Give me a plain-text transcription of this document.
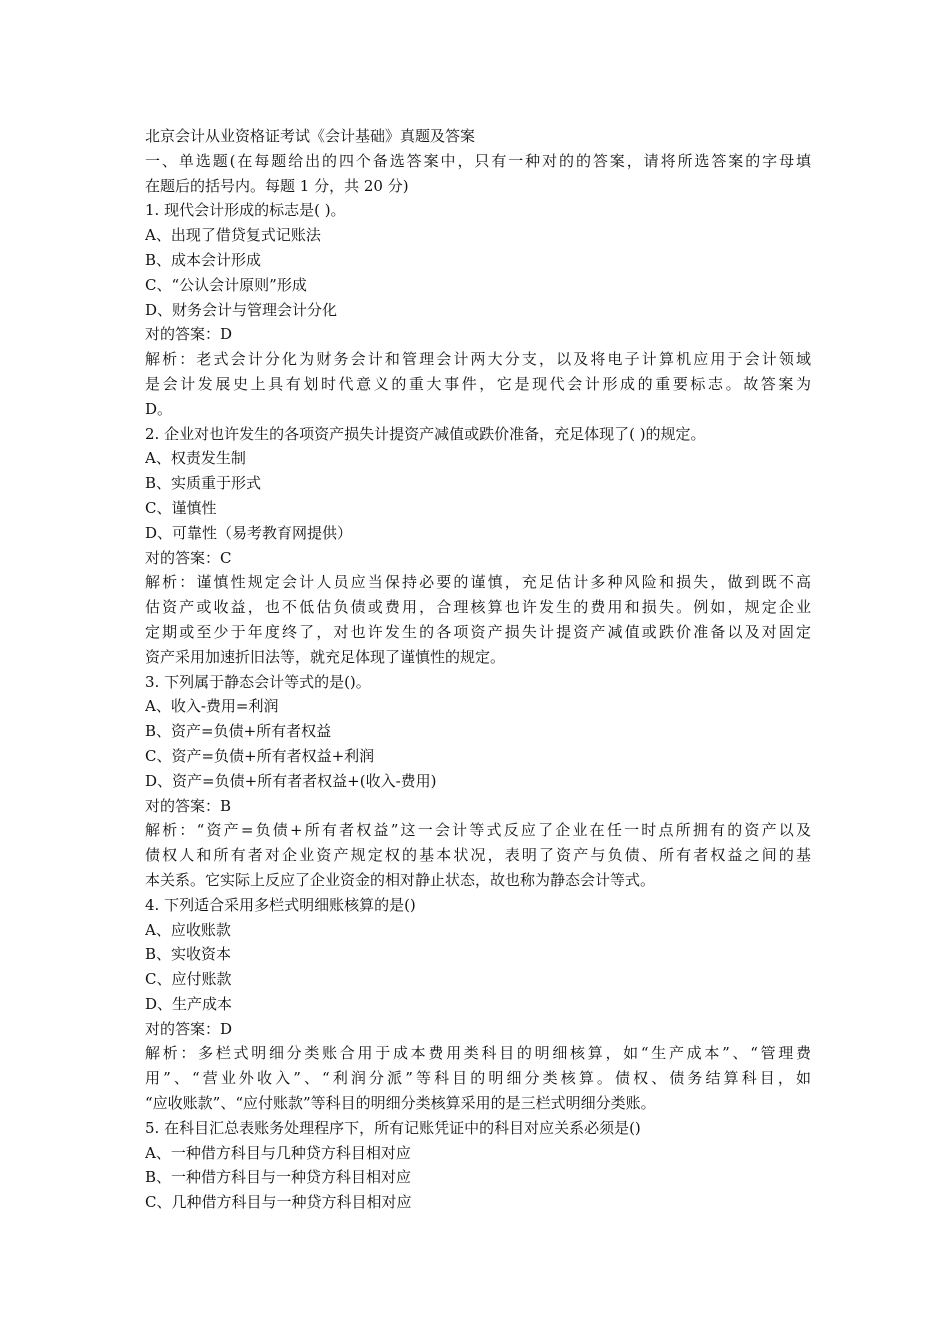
北京会计从业资格证考试《会计基础》真题及答案
一、单选题(在每题给出的四个备选答案中，只有一种对的的答案，请将所选答案的字母填
在题后的括号内。每题 1 分，共 20 分)
1. 现代会计形成的标志是( )。
A、出现了借贷复式记账法
B、成本会计形成
C、“公认会计原则”形成
D、财务会计与管理会计分化
对的答案：D
解析：老式会计分化为财务会计和管理会计两大分支，以及将电子计算机应用于会计领域
是会计发展史上具有划时代意义的重大事件，它是现代会计形成的重要标志。故答案为
D。
2. 企业对也许发生的各项资产损失计提资产减值或跌价准备，充足体现了( )的规定。
A、权责发生制
B、实质重于形式
C、谨慎性
D、可靠性（易考教育网提供）
对的答案：C
解析：谨慎性规定会计人员应当保持必要的谨慎，充足估计多种风险和损失，做到既不高
估资产或收益，也不低估负债或费用，合理核算也许发生的费用和损失。例如，规定企业
定期或至少于年度终了，对也许发生的各项资产损失计提资产减值或跌价准备以及对固定
资产采用加速折旧法等，就充足体现了谨慎性的规定。
3. 下列属于静态会计等式的是()。
A、收入-费用=利润
B、资产=负债+所有者权益
C、资产=负债+所有者权益+利润
D、资产=负债+所有者者权益+(收入-费用)
对的答案：B
解析：“资产=负债+所有者权益”这一会计等式反应了企业在任一时点所拥有的资产以及
债权人和所有者对企业资产规定权的基本状况，表明了资产与负债、所有者权益之间的基
本关系。它实际上反应了企业资金的相对静止状态，故也称为静态会计等式。
4. 下列适合采用多栏式明细账核算的是()
A、应收账款
B、实收资本
C、应付账款
D、生产成本
对的答案：D
解析：多栏式明细分类账合用于成本费用类科目的明细核算，如“生产成本”、“管理费
用”、“营业外收入”、“利润分派”等科目的明细分类核算。债权、债务结算科目，如
“应收账款”、“应付账款”等科目的明细分类核算采用的是三栏式明细分类账。
5. 在科目汇总表账务处理程序下，所有记账凭证中的科目对应关系必须是()
A、一种借方科目与几种贷方科目相对应
B、一种借方科目与一种贷方科目相对应
C、几种借方科目与一种贷方科目相对应
